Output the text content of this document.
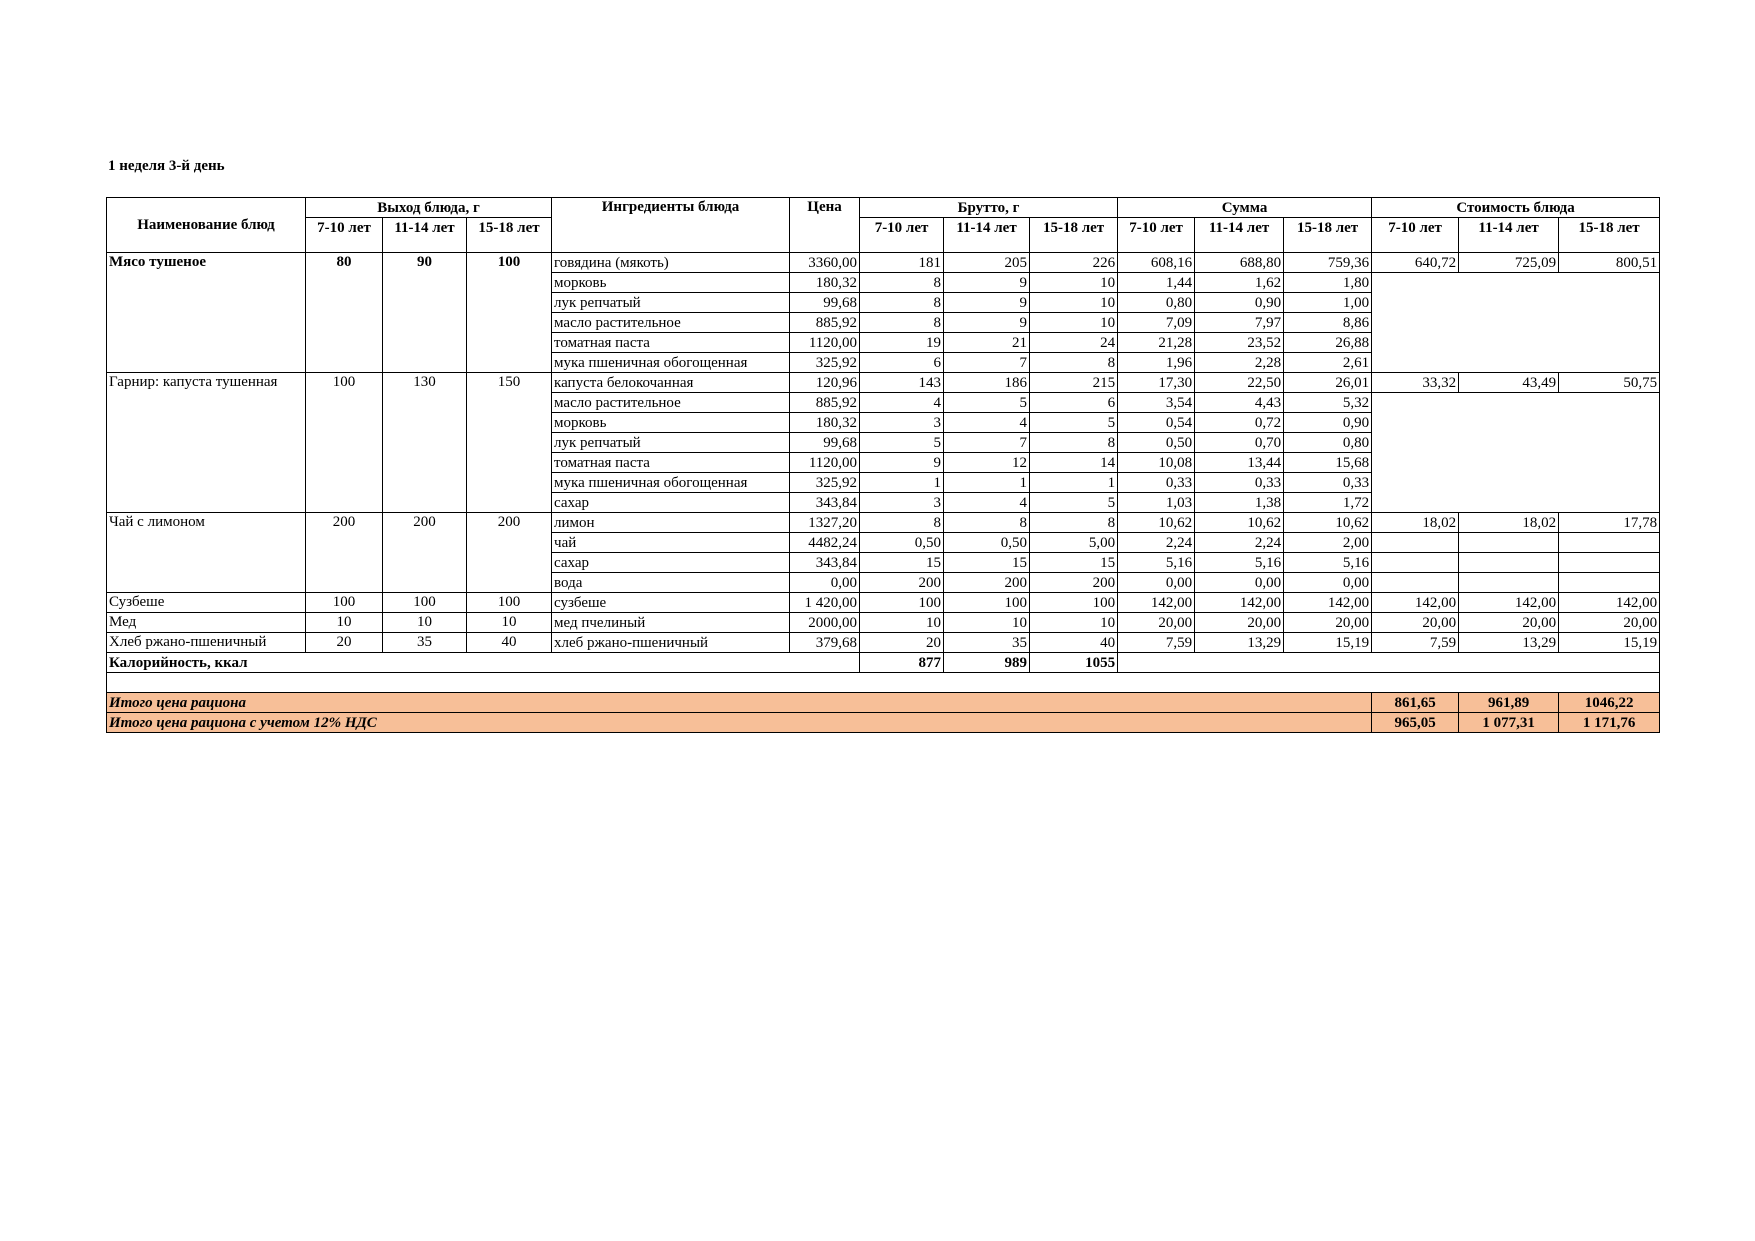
1 неделя 3-й день
Наименование блюд	Выход блюда, г			Ингредиенты блюда	Цена	Брутто, г			Сумма			Стоимость блюда		
	7-10 лет	11-14 лет	15-18 лет			7-10 лет	11-14 лет	15-18 лет	7-10 лет	11-14 лет	15-18 лет	7-10 лет	11-14 лет	15-18 лет
Мясо тушеное	80	90	100	говядина (мякоть)	3360,00	181	205	226	608,16	688,80	759,36	640,72	725,09	800,51
				морковь	180,32	8	9	10	1,44	1,62	1,80			
				лук репчатый	99,68	8	9	10	0,80	0,90	1,00			
				масло растительное	885,92	8	9	10	7,09	7,97	8,86			
				томатная паста	1120,00	19	21	24	21,28	23,52	26,88			
				мука пшеничная обогощенная	325,92	6	7	8	1,96	2,28	2,61			
Гарнир: капуста тушенная	100	130	150	капуста белокочанная	120,96	143	186	215	17,30	22,50	26,01	33,32	43,49	50,75
				масло растительное	885,92	4	5	6	3,54	4,43	5,32			
				морковь	180,32	3	4	5	0,54	0,72	0,90			
				лук репчатый	99,68	5	7	8	0,50	0,70	0,80			
				томатная паста	1120,00	9	12	14	10,08	13,44	15,68			
				мука пшеничная обогощенная	325,92	1	1	1	0,33	0,33	0,33			
				сахар	343,84	3	4	5	1,03	1,38	1,72			
Чай с лимоном	200	200	200	лимон	1327,20	8	8	8	10,62	10,62	10,62	18,02	18,02	17,78
				чай	4482,24	0,50	0,50	5,00	2,24	2,24	2,00			
				сахар	343,84	15	15	15	5,16	5,16	5,16			
				вода	0,00	200	200	200	0,00	0,00	0,00			
Сузбеше	100	100	100	сузбеше	1 420,00	100	100	100	142,00	142,00	142,00	142,00	142,00	142,00
Мед	10	10	10	мед пчелиный	2000,00	10	10	10	20,00	20,00	20,00	20,00	20,00	20,00
Хлеб ржано-пшеничный	20	35	40	хлеб ржано-пшеничный	379,68	20	35	40	7,59	13,29	15,19	7,59	13,29	15,19
Калорийность, ккал						877	989	1055						

Итого цена рациона												861,65	961,89	1046,22
Итого цена рациона с учетом 12% НДС												965,05	1 077,31	1 171,76
